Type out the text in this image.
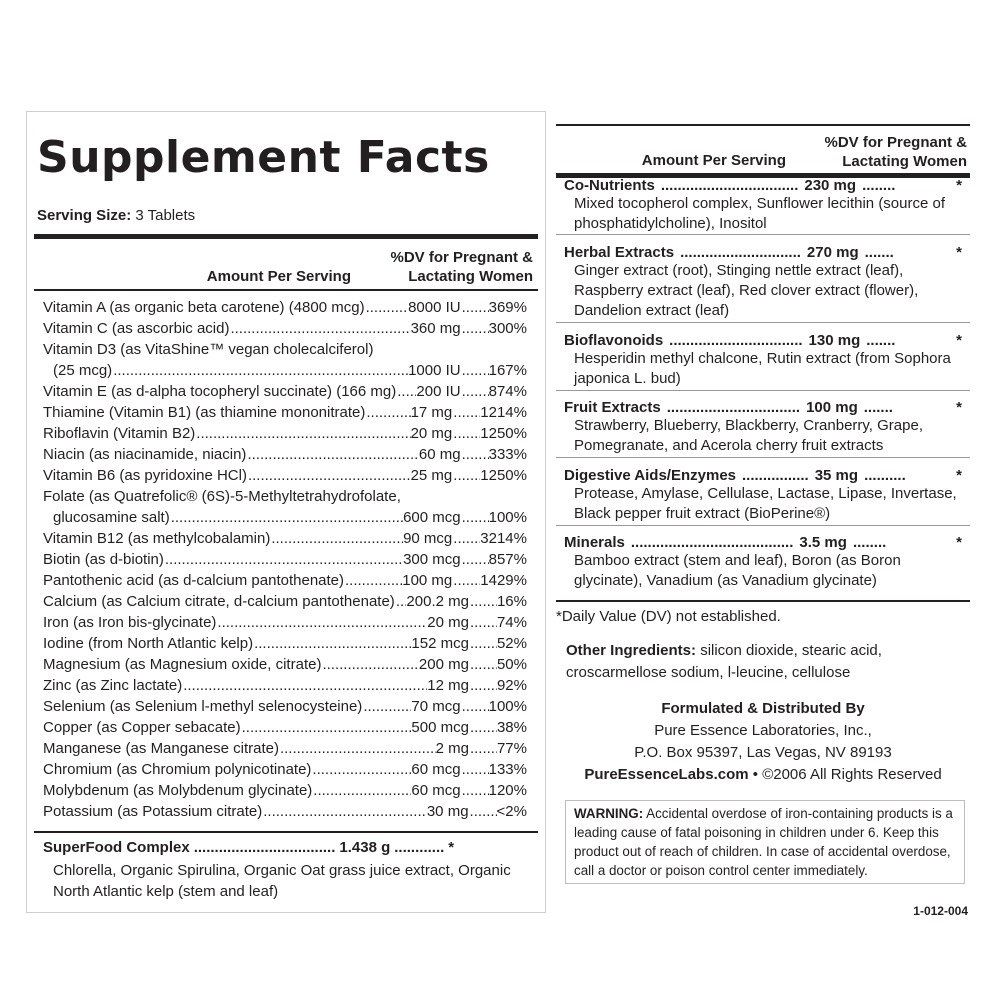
Supplement Facts
Serving Size: 3 Tablets
Amount Per Serving
%DV for Pregnant &
Lactating Women
Vitamin A (as organic beta carotene) (4800 mcg) .....	8000 IU ..... 369%
Vitamin C (as ascorbic acid) .....	360 mg ..... 300%
Vitamin D3 (as VitaShine™ vegan cholecalciferol)
(25 mcg) .....	1000 IU ..... 167%
Vitamin E (as d-alpha tocopheryl succinate) (166 mg) ..... 200 IU ..... 874%
Thiamine (Vitamin B1) (as thiamine mononitrate) .....	17 mg ..... 1214%
Riboflavin (Vitamin B2) .....	20 mg ..... 1250%
Niacin (as niacinamide, niacin) .....	60 mg ..... 333%
Vitamin B6 (as pyridoxine HCl) .....	25 mg ..... 1250%
Folate (as Quatrefolic® (6S)-5-Methyltetrahydrofolate,
glucosamine salt) .....	600 mcg ..... 100%
Vitamin B12 (as methylcobalamin) .....	90 mcg ..... 3214%
Biotin (as d-biotin) .....	300 mcg ..... 857%
Pantothenic acid (as d-calcium pantothenate) .....	100 mg ..... 1429%
Calcium (as Calcium citrate, d-calcium pantothenate) ..... 200.2 mg ..... 16%
Iron (as Iron bis-glycinate) .....	20 mg ..... 74%
Iodine (from North Atlantic kelp) .....	152 mcg ..... 52%
Magnesium (as Magnesium oxide, citrate) .....	200 mg ..... 50%
Zinc (as Zinc lactate) .....	12 mg ..... 92%
Selenium (as Selenium l-methyl selenocysteine) .....	70 mcg ..... 100%
Copper (as Copper sebacate) .....	500 mcg ..... 38%
Manganese (as Manganese citrate) .....	2 mg ..... 77%
Chromium (as Chromium polynicotinate) .....	60 mcg ..... 133%
Molybdenum (as Molybdenum glycinate) .....	60 mcg ..... 120%
Potassium (as Potassium citrate) .....	30 mg ..... <2%
SuperFood Complex .................................. 1.438 g ............ *
Chlorella, Organic Spirulina, Organic Oat grass juice extract, Organic North Atlantic kelp (stem and leaf)
Amount Per Serving
%DV for Pregnant &
Lactating Women
Co-Nutrients ................................. 230 mg ........	*
Mixed tocopherol complex, Sunflower lecithin (source of phosphatidylcholine), Inositol
Herbal Extracts ............................. 270 mg .......	*
Ginger extract (root), Stinging nettle extract (leaf), Raspberry extract (leaf), Red clover extract (flower), Dandelion extract (leaf)
Bioflavonoids ................................ 130 mg .......	*
Hesperidin methyl chalcone, Rutin extract (from Sophora japonica L. bud)
Fruit Extracts ................................ 100 mg .......	*
Strawberry, Blueberry, Blackberry, Cranberry, Grape, Pomegranate, and Acerola cherry fruit extracts
Digestive Aids/Enzymes ................ 35 mg ..........	*
Protease, Amylase, Cellulase, Lactase, Lipase, Invertase, Black pepper fruit extract (BioPerine®)
Minerals ....................................... 3.5 mg ........	*
Bamboo extract (stem and leaf), Boron (as Boron glycinate), Vanadium (as Vanadium glycinate)
*Daily Value (DV) not established.
Other Ingredients: silicon dioxide, stearic acid, croscarmellose sodium, l-leucine, cellulose
Formulated & Distributed By
Pure Essence Laboratories, Inc.,
P.O. Box 95397, Las Vegas, NV 89193
PureEssenceLabs.com • ©2006 All Rights Reserved
WARNING: Accidental overdose of iron-containing products is a leading cause of fatal poisoning in children under 6. Keep this product out of reach of children. In case of accidental overdose, call a doctor or poison control center immediately.
1-012-004
